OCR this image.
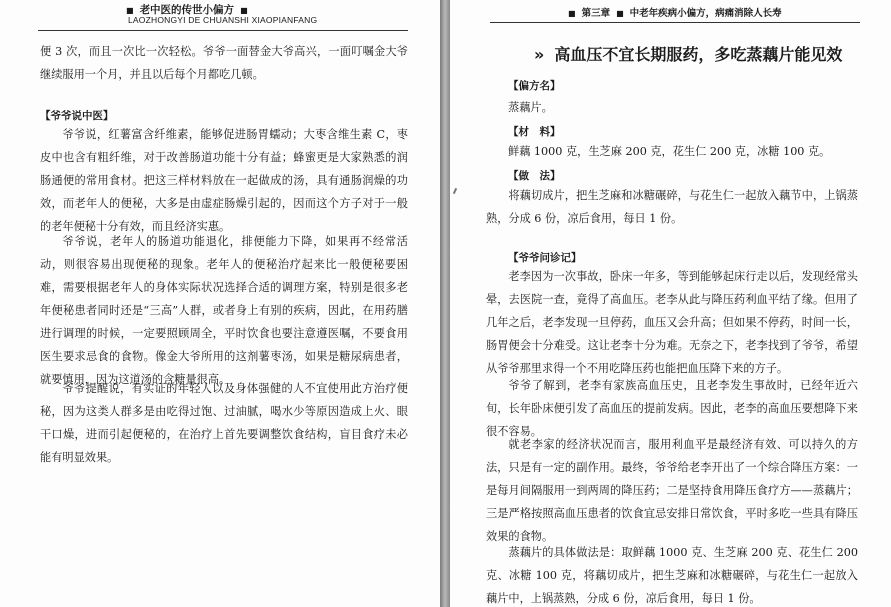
■ 老中医的传世小偏方 ■
LAOZHONGYI DE CHUANSHI XIAOPIANFANG

便 3 次，而且一次比一次轻松。爷爷一面替金大爷高兴，一面叮嘱金大爷继续服用一个月，并且以后每个月都吃几顿。

【爷爷说中医】

爷爷说，红薯富含纤维素，能够促进肠胃蠕动；大枣含维生素 C，枣皮中也含有粗纤维，对于改善肠道功能十分有益；蜂蜜更是大家熟悉的润肠通便的常用食材。把这三样材料放在一起做成的汤，具有通肠润燥的功效，而老年人的便秘，大多是由虚症肠燥引起的，因而这个方子对于一般的老年便秘十分有效，而且经济实惠。

爷爷说，老年人的肠道功能退化，排便能力下降，如果再不经常活动，则很容易出现便秘的现象。老年人的便秘治疗起来比一般便秘要困难，需要根据老年人的身体实际状况选择合适的调理方案，特别是很多老年便秘患者同时还是“三高”人群，或者身上有别的疾病，因此，在用药膳进行调理的时候，一定要照顾周全，平时饮食也要注意遵医嘱，不要食用医生要求忌食的食物。像金大爷所用的这剂薯枣汤，如果是糖尿病患者，就要慎用，因为这道汤的含糖量很高。

爷爷提醒说，有实证的年轻人以及身体强健的人不宜使用此方治疗便秘，因为这类人群多是由吃得过饱、过油腻，喝水少等原因造成上火、眼干口燥，进而引起便秘的，在治疗上首先要调整饮食结构，盲目食疗未必能有明显效果。

■ 第三章 ■ 中老年疾病小偏方，病痛消除人长寿
» 高血压不宜长期服药，多吃蒸藕片能见效
【偏方名】

蒸藕片。

【材　料】

鲜藕 1000 克，生芝麻 200 克，花生仁 200 克，冰糖 100 克。

【做　法】

将藕切成片，把生芝麻和冰糖碾碎，与花生仁一起放入藕节中，上锅蒸熟，分成 6 份，凉后食用，每日 1 份。

【爷爷问诊记】

老李因为一次事故，卧床一年多，等到能够起床行走以后，发现经常头晕，去医院一查，竟得了高血压。老李从此与降压药利血平结了缘。但用了几年之后，老李发现一旦停药，血压又会升高；但如果不停药，时间一长，肠胃便会十分难受。这让老李十分为难。无奈之下，老李找到了爷爷，希望从爷爷那里求得一个不用吃降压药也能把血压降下来的方子。

爷爷了解到，老李有家族高血压史，且老李发生事故时，已经年近六旬，长年卧床便引发了高血压的提前发病。因此，老李的高血压要想降下来很不容易。

就老李家的经济状况而言，服用利血平是最经济有效、可以持久的方法，只是有一定的副作用。最终，爷爷给老李开出了一个综合降压方案：一是每月间隔服用一到两周的降压药；二是坚持食用降压食疗方——蒸藕片；三是严格按照高血压患者的饮食宜忌安排日常饮食，平时多吃一些具有降压效果的食物。

蒸藕片的具体做法是：取鲜藕 1000 克、生芝麻 200 克、花生仁 200 克、冰糖 100 克，将藕切成片，把生芝麻和冰糖碾碎，与花生仁一起放入藕片中，上锅蒸熟，分成 6 份，凉后食用，每日 1 份。
